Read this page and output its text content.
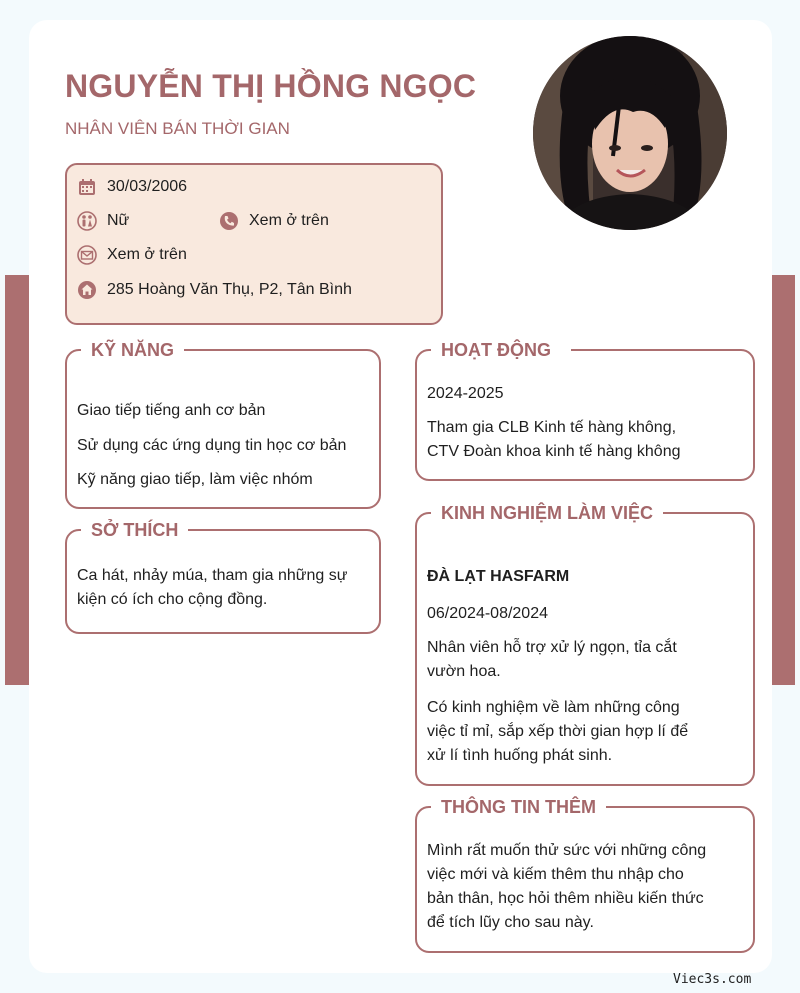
NGUYỄN THỊ HỒNG NGỌC
NHÂN VIÊN BÁN THỜI GIAN
30/03/2006
Nữ	Xem ở trên
Xem ở trên
285 Hoàng Văn Thụ, P2, Tân Bình
KỸ NĂNG
Giao tiếp tiếng anh cơ bản
Sử dụng các ứng dụng tin học cơ bản
Kỹ năng giao tiếp, làm việc nhóm
SỞ THÍCH
Ca hát, nhảy múa, tham gia những sự
kiện có ích cho cộng đồng.
HOẠT ĐỘNG
2024-2025
Tham gia CLB Kinh tế hàng không,
CTV Đoàn khoa kinh tế hàng không
KINH NGHIỆM LÀM VIỆC
ĐÀ LẠT HASFARM
06/2024-08/2024
Nhân viên hỗ trợ xử lý ngọn, tỉa cắt
vườn hoa.
Có kinh nghiệm về làm những công
việc tỉ mỉ, sắp xếp thời gian hợp lí để
xử lí tình huống phát sinh.
THÔNG TIN THÊM
Mình rất muốn thử sức với những công
việc mới và kiếm thêm thu nhập cho
bản thân, học hỏi thêm nhiều kiến thức
để tích lũy cho sau này.
Viec3s.com
